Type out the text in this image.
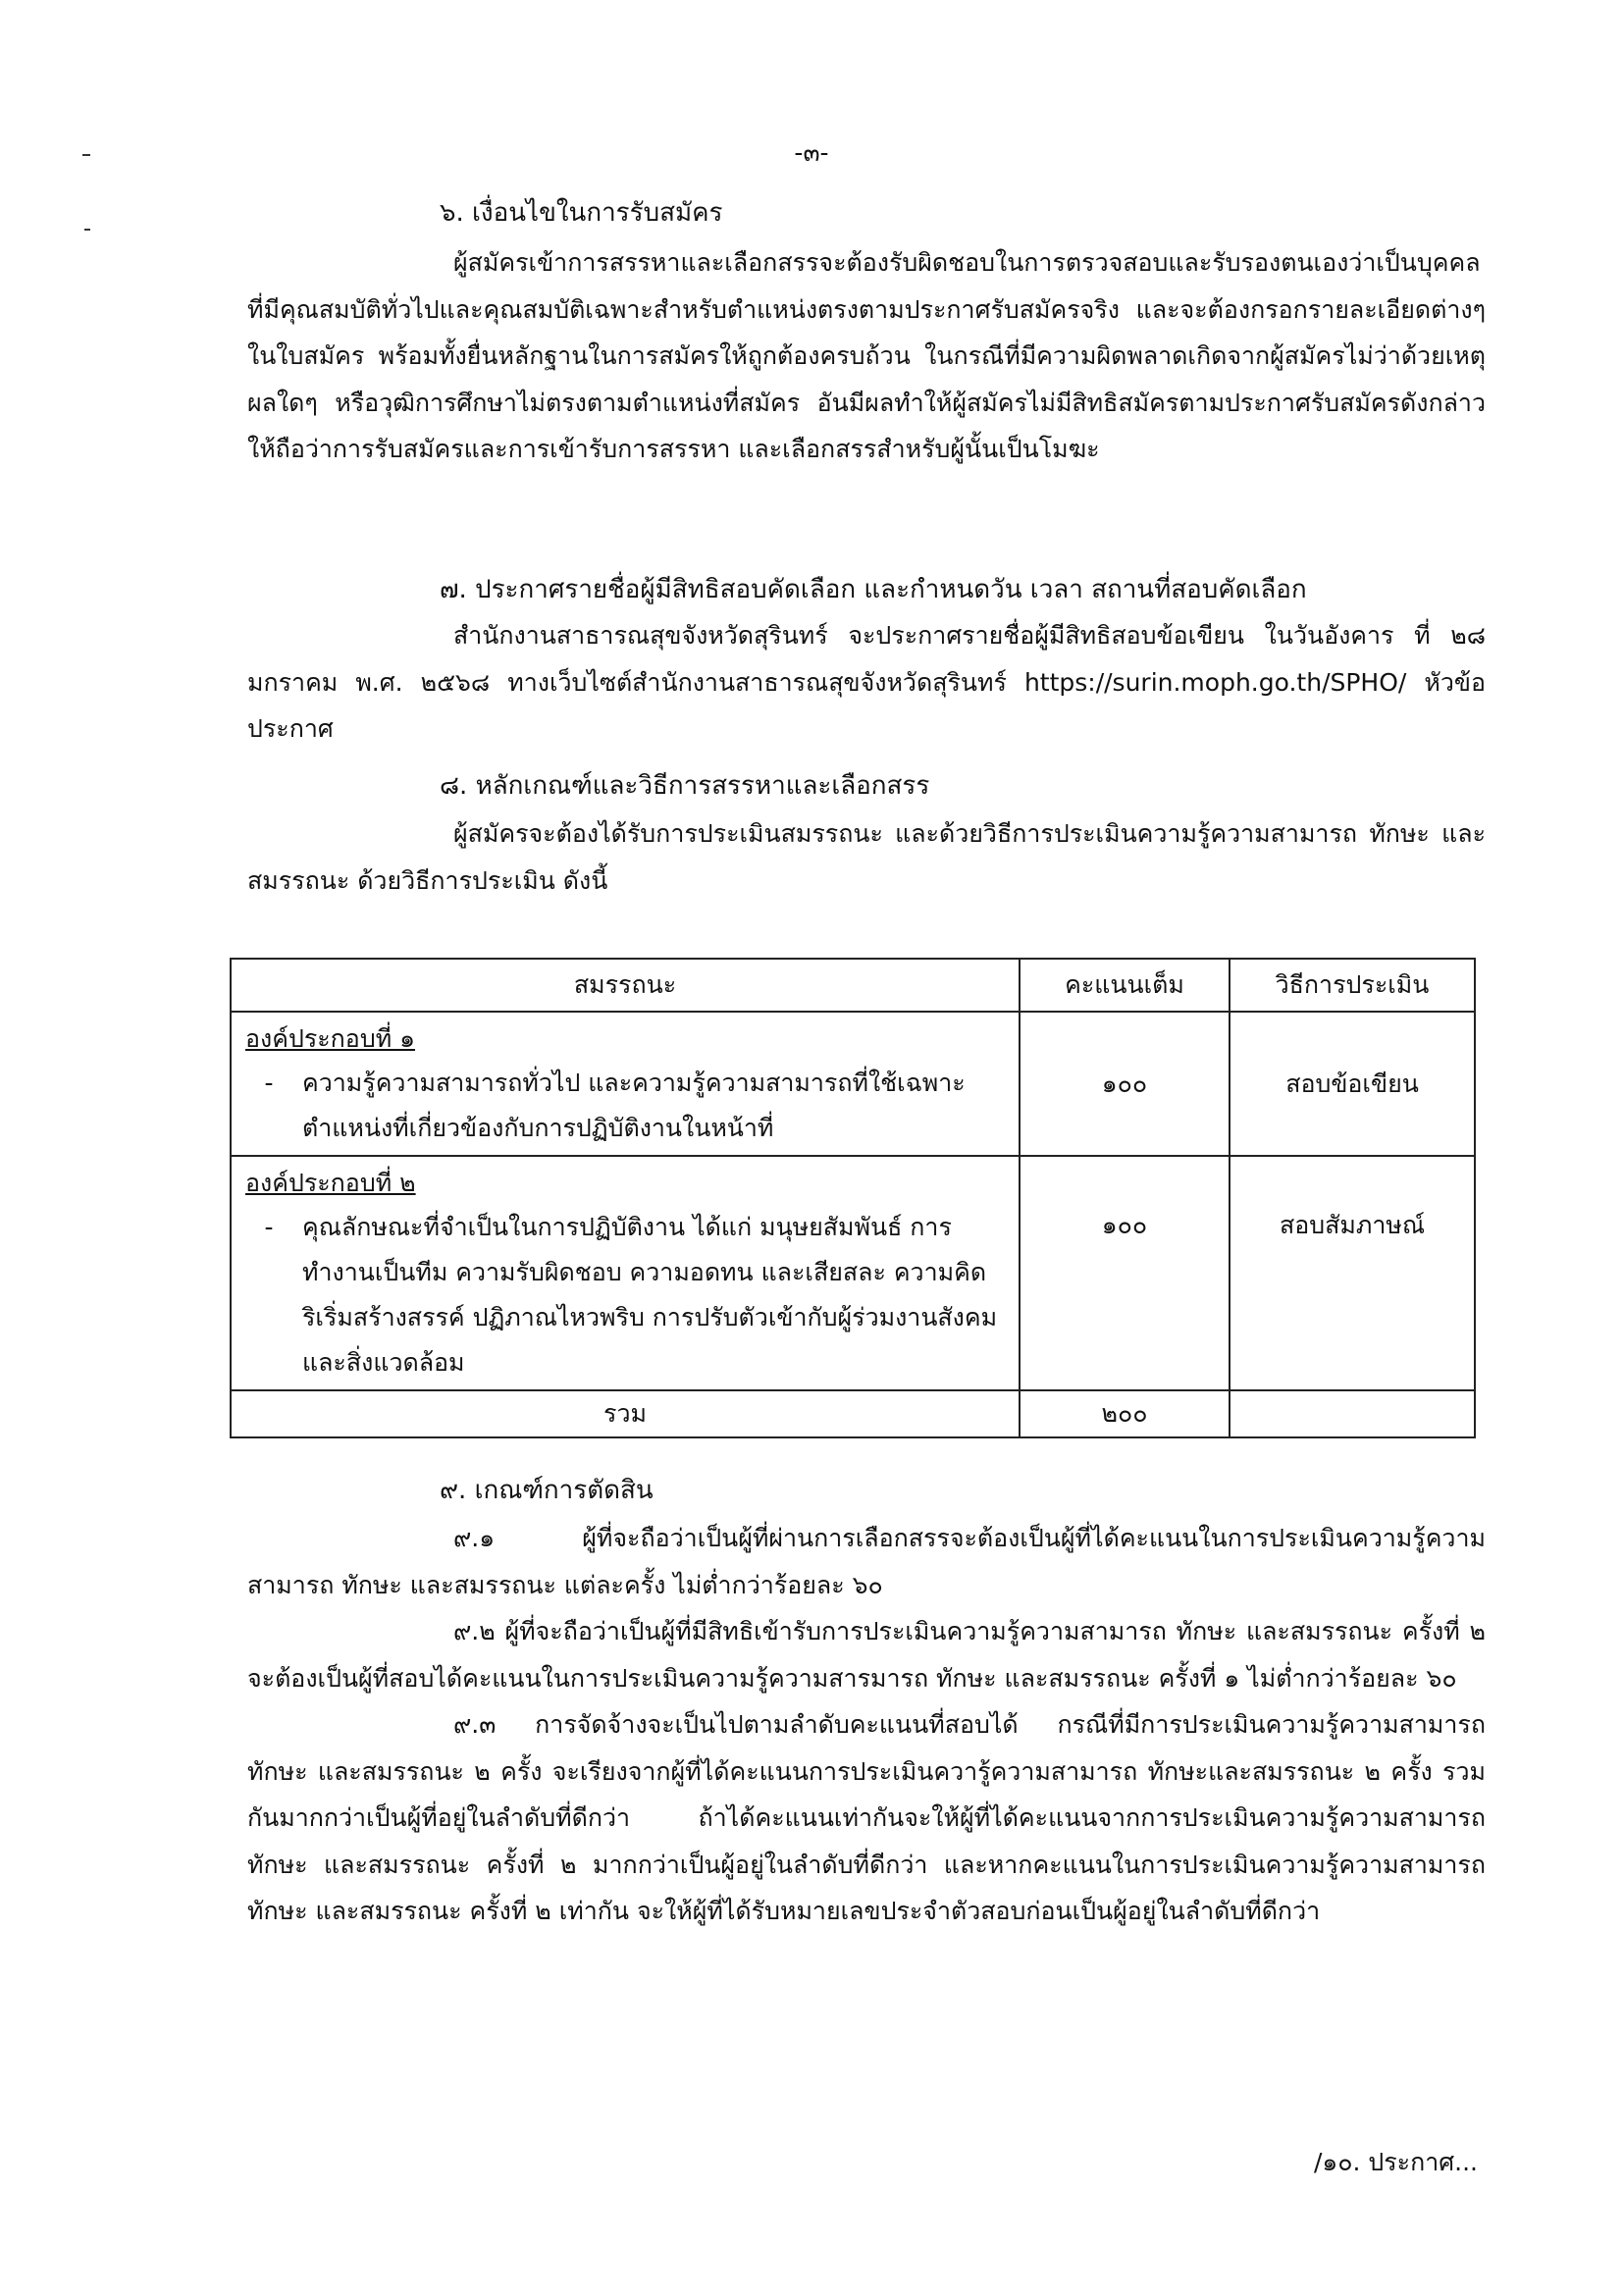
-๓-
๖. เงื่อนไขในการรับสมัคร

ผู้สมัครเข้าการสรรหาและเลือกสรรจะต้องรับผิดชอบในการตรวจสอบและรับรองตนเองว่าเป็นบุคคลที่มีคุณสมบัติทั่วไปและคุณสมบัติเฉพาะสำหรับตำแหน่งตรงตามประกาศรับสมัครจริง และจะต้องกรอกรายละเอียดต่างๆในใบสมัคร พร้อมทั้งยื่นหลักฐานในการสมัครให้ถูกต้องครบถ้วน ในกรณีที่มีความผิดพลาดเกิดจากผู้สมัครไม่ว่าด้วยเหตุผลใดๆ หรือวุฒิการศึกษาไม่ตรงตามตำแหน่งที่สมัคร อันมีผลทำให้ผู้สมัครไม่มีสิทธิสมัครตามประกาศรับสมัครดังกล่าว ให้ถือว่าการรับสมัครและการเข้ารับการสรรหา และเลือกสรรสำหรับผู้นั้นเป็นโมฆะ

๗. ประกาศรายชื่อผู้มีสิทธิสอบคัดเลือก และกำหนดวัน เวลา สถานที่สอบคัดเลือก

สำนักงานสาธารณสุขจังหวัดสุรินทร์ จะประกาศรายชื่อผู้มีสิทธิสอบข้อเขียน ในวันอังคาร ที่ ๒๘ มกราคม พ.ศ. ๒๕๖๘ ทางเว็บไซต์สำนักงานสาธารณสุขจังหวัดสุรินทร์ https://surin.moph.go.th/SPHO/ หัวข้อประกาศ

๘. หลักเกณฑ์และวิธีการสรรหาและเลือกสรร

ผู้สมัครจะต้องได้รับการประเมินสมรรถนะ และด้วยวิธีการประเมินความรู้ความสามารถ ทักษะ และสมรรถนะ ด้วยวิธีการประเมิน ดังนี้

สมรรถนะ	คะแนนเต็ม	วิธีการประเมิน

องค์ประกอบที่ ๑
- ความรู้ความสามารถทั่วไป และความรู้ความสามารถที่ใช้เฉพาะตำแหน่งที่เกี่ยวข้องกับการปฏิบัติงานในหน้าที่	๑๐๐	สอบข้อเขียน

องค์ประกอบที่ ๒
- คุณลักษณะที่จำเป็นในการปฏิบัติงาน ได้แก่ มนุษยสัมพันธ์ การทำงานเป็นทีม ความรับผิดชอบ ความอดทน และเสียสละ ความคิดริเริ่มสร้างสรรค์ ปฏิภาณไหวพริบ การปรับตัวเข้ากับผู้ร่วมงานสังคมและสิ่งแวดล้อม	๑๐๐	สอบสัมภาษณ์
รวม	๒๐๐	
๙. เกณฑ์การตัดสิน

๙.๑ ผู้ที่จะถือว่าเป็นผู้ที่ผ่านการเลือกสรรจะต้องเป็นผู้ที่ได้คะแนนในการประเมินความรู้ความสามารถ ทักษะ และสมรรถนะ แต่ละครั้ง ไม่ต่ำกว่าร้อยละ ๖๐

๙.๒ ผู้ที่จะถือว่าเป็นผู้ที่มีสิทธิเข้ารับการประเมินความรู้ความสามารถ ทักษะ และสมรรถนะ ครั้งที่ ๒ จะต้องเป็นผู้ที่สอบได้คะแนนในการประเมินความรู้ความสารมารถ ทักษะ และสมรรถนะ ครั้งที่ ๑ ไม่ต่ำกว่าร้อยละ ๖๐

๙.๓ การจัดจ้างจะเป็นไปตามลำดับคะแนนที่สอบได้ กรณีที่มีการประเมินความรู้ความสามารถ ทักษะ และสมรรถนะ ๒ ครั้ง จะเรียงจากผู้ที่ได้คะแนนการประเมินควารู้ความสามารถ ทักษะและสมรรถนะ ๒ ครั้ง รวมกันมากกว่าเป็นผู้ที่อยู่ในลำดับที่ดีกว่า ถ้าได้คะแนนเท่ากันจะให้ผู้ที่ได้คะแนนจากการประเมินความรู้ความสามารถ ทักษะ และสมรรถนะ ครั้งที่ ๒ มากกว่าเป็นผู้อยู่ในลำดับที่ดีกว่า และหากคะแนนในการประเมินความรู้ความสามารถ ทักษะ และสมรรถนะ ครั้งที่ ๒ เท่ากัน จะให้ผู้ที่ได้รับหมายเลขประจำตัวสอบก่อนเป็นผู้อยู่ในลำดับที่ดีกว่า

/๑๐. ประกาศ...
